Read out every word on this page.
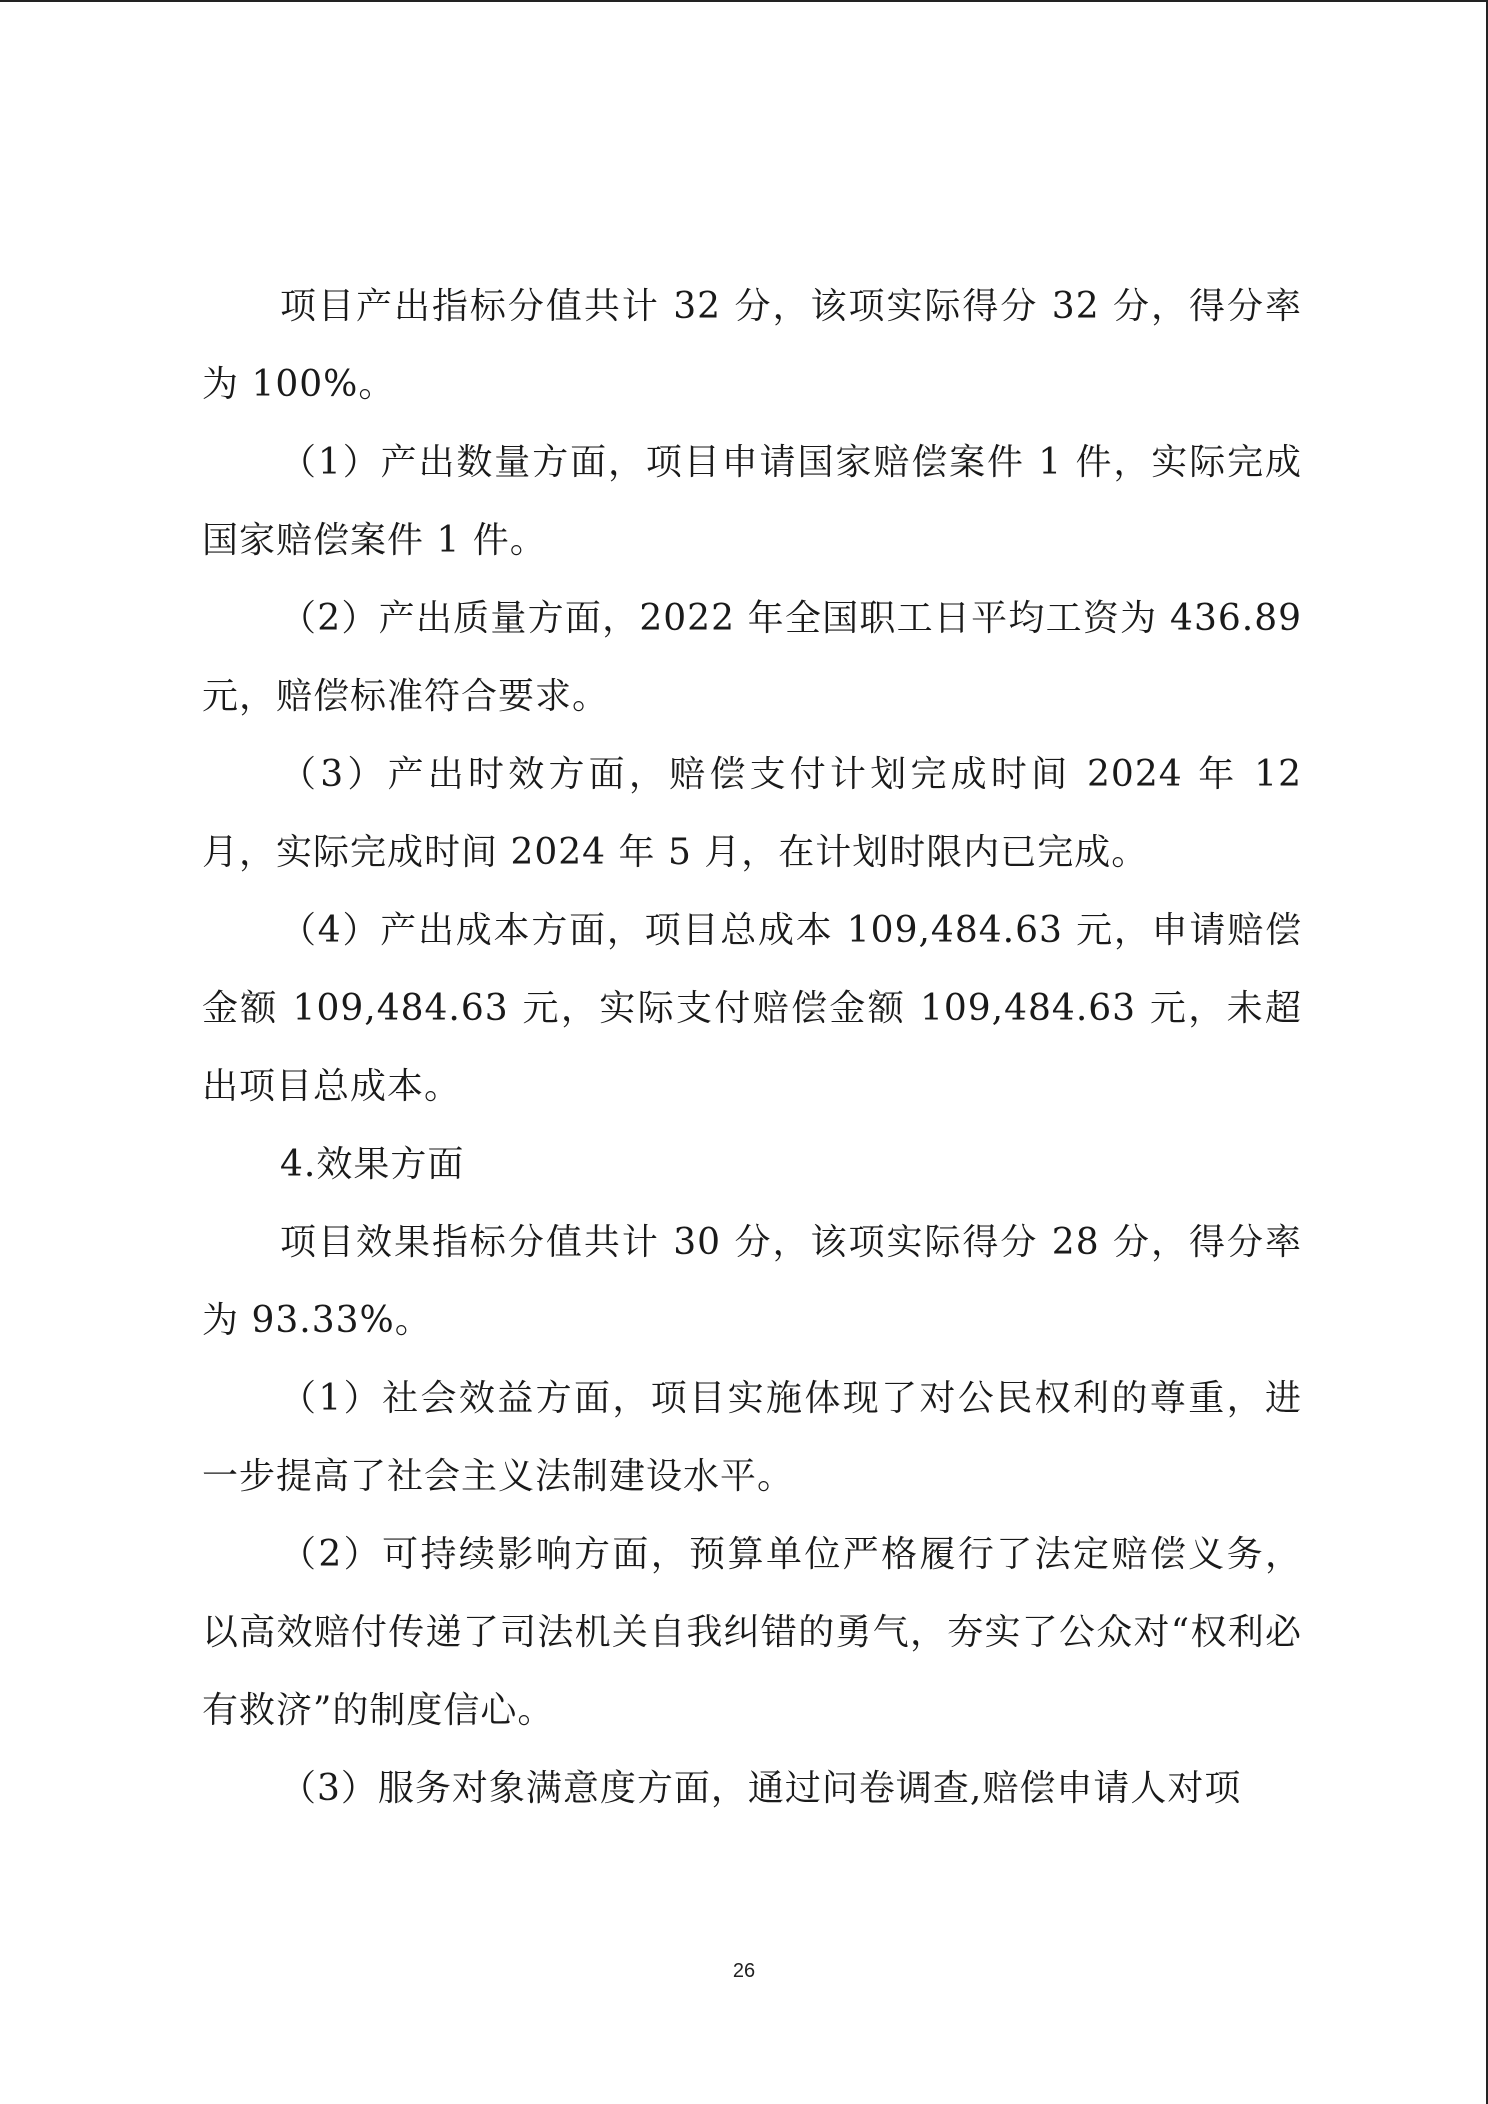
项目产出指标分值共计 32 分，该项实际得分 32 分，得分率为 100%。

（1）产出数量方面，项目申请国家赔偿案件 1 件，实际完成国家赔偿案件 1 件。

（2）产出质量方面，2022 年全国职工日平均工资为 436.89 元，赔偿标准符合要求。

（3）产出时效方面，赔偿支付计划完成时间 2024 年 12 月，实际完成时间 2024 年 5 月，在计划时限内已完成。

（4）产出成本方面，项目总成本 109,484.63 元，申请赔偿金额 109,484.63 元，实际支付赔偿金额 109,484.63 元，未超出项目总成本。

4.效果方面

项目效果指标分值共计 30 分，该项实际得分 28 分，得分率为 93.33%。

（1）社会效益方面，项目实施体现了对公民权利的尊重，进一步提高了社会主义法制建设水平。

（2）可持续影响方面，预算单位严格履行了法定赔偿义务，以高效赔付传递了司法机关自我纠错的勇气，夯实了公众对“权利必有救济”的制度信心。

（3）服务对象满意度方面，通过问卷调查,赔偿申请人对项

26
